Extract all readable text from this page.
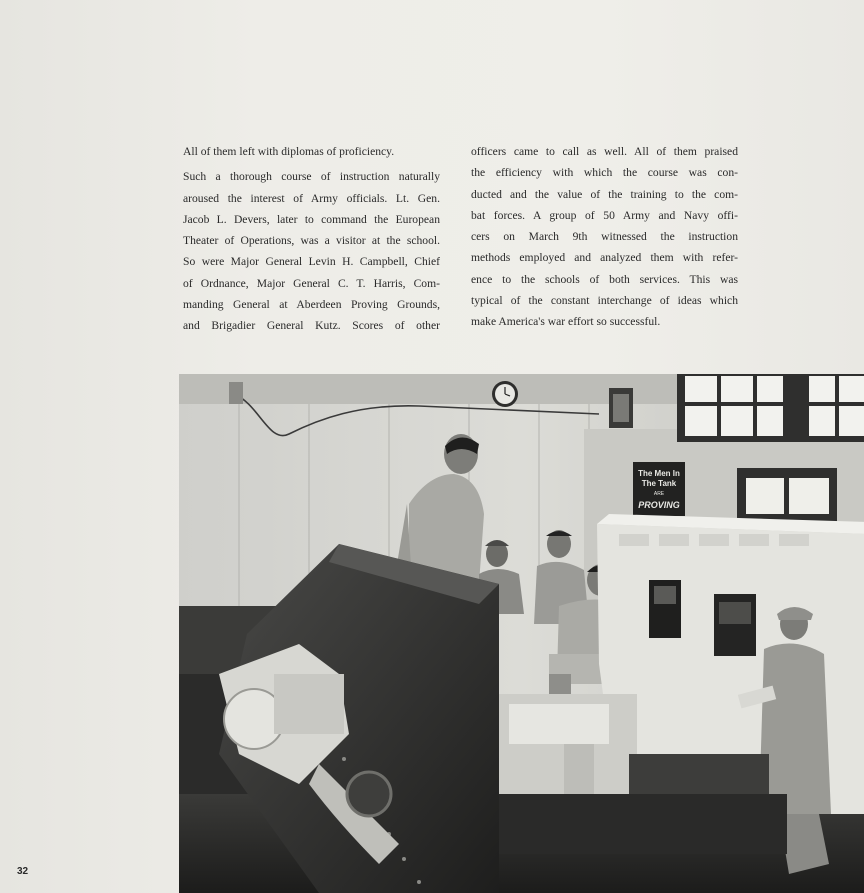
All of them left with diplomas of proficiency.
Such a thorough course of instruction naturally
aroused the interest of Army officials. Lt. Gen.
Jacob L. Devers, later to command the European
Theater of Operations, was a visitor at the school.
So were Major General Levin H. Campbell, Chief
of Ordnance, Major General C. T. Harris, Com-
manding General at Aberdeen Proving Grounds,
and Brigadier General Kutz. Scores of other
officers came to call as well. All of them praised
the efficiency with which the course was con-
ducted and the value of the training to the com-
bat forces. A group of 50 Army and Navy offi-
cers on March 9th witnessed the instruction
methods employed and analyzed them with refer-
ence to the schools of both services. This was
typical of the constant interchange of ideas which
make America's war effort so successful.
The Men In
The Tank
ARE
PROVING
32
